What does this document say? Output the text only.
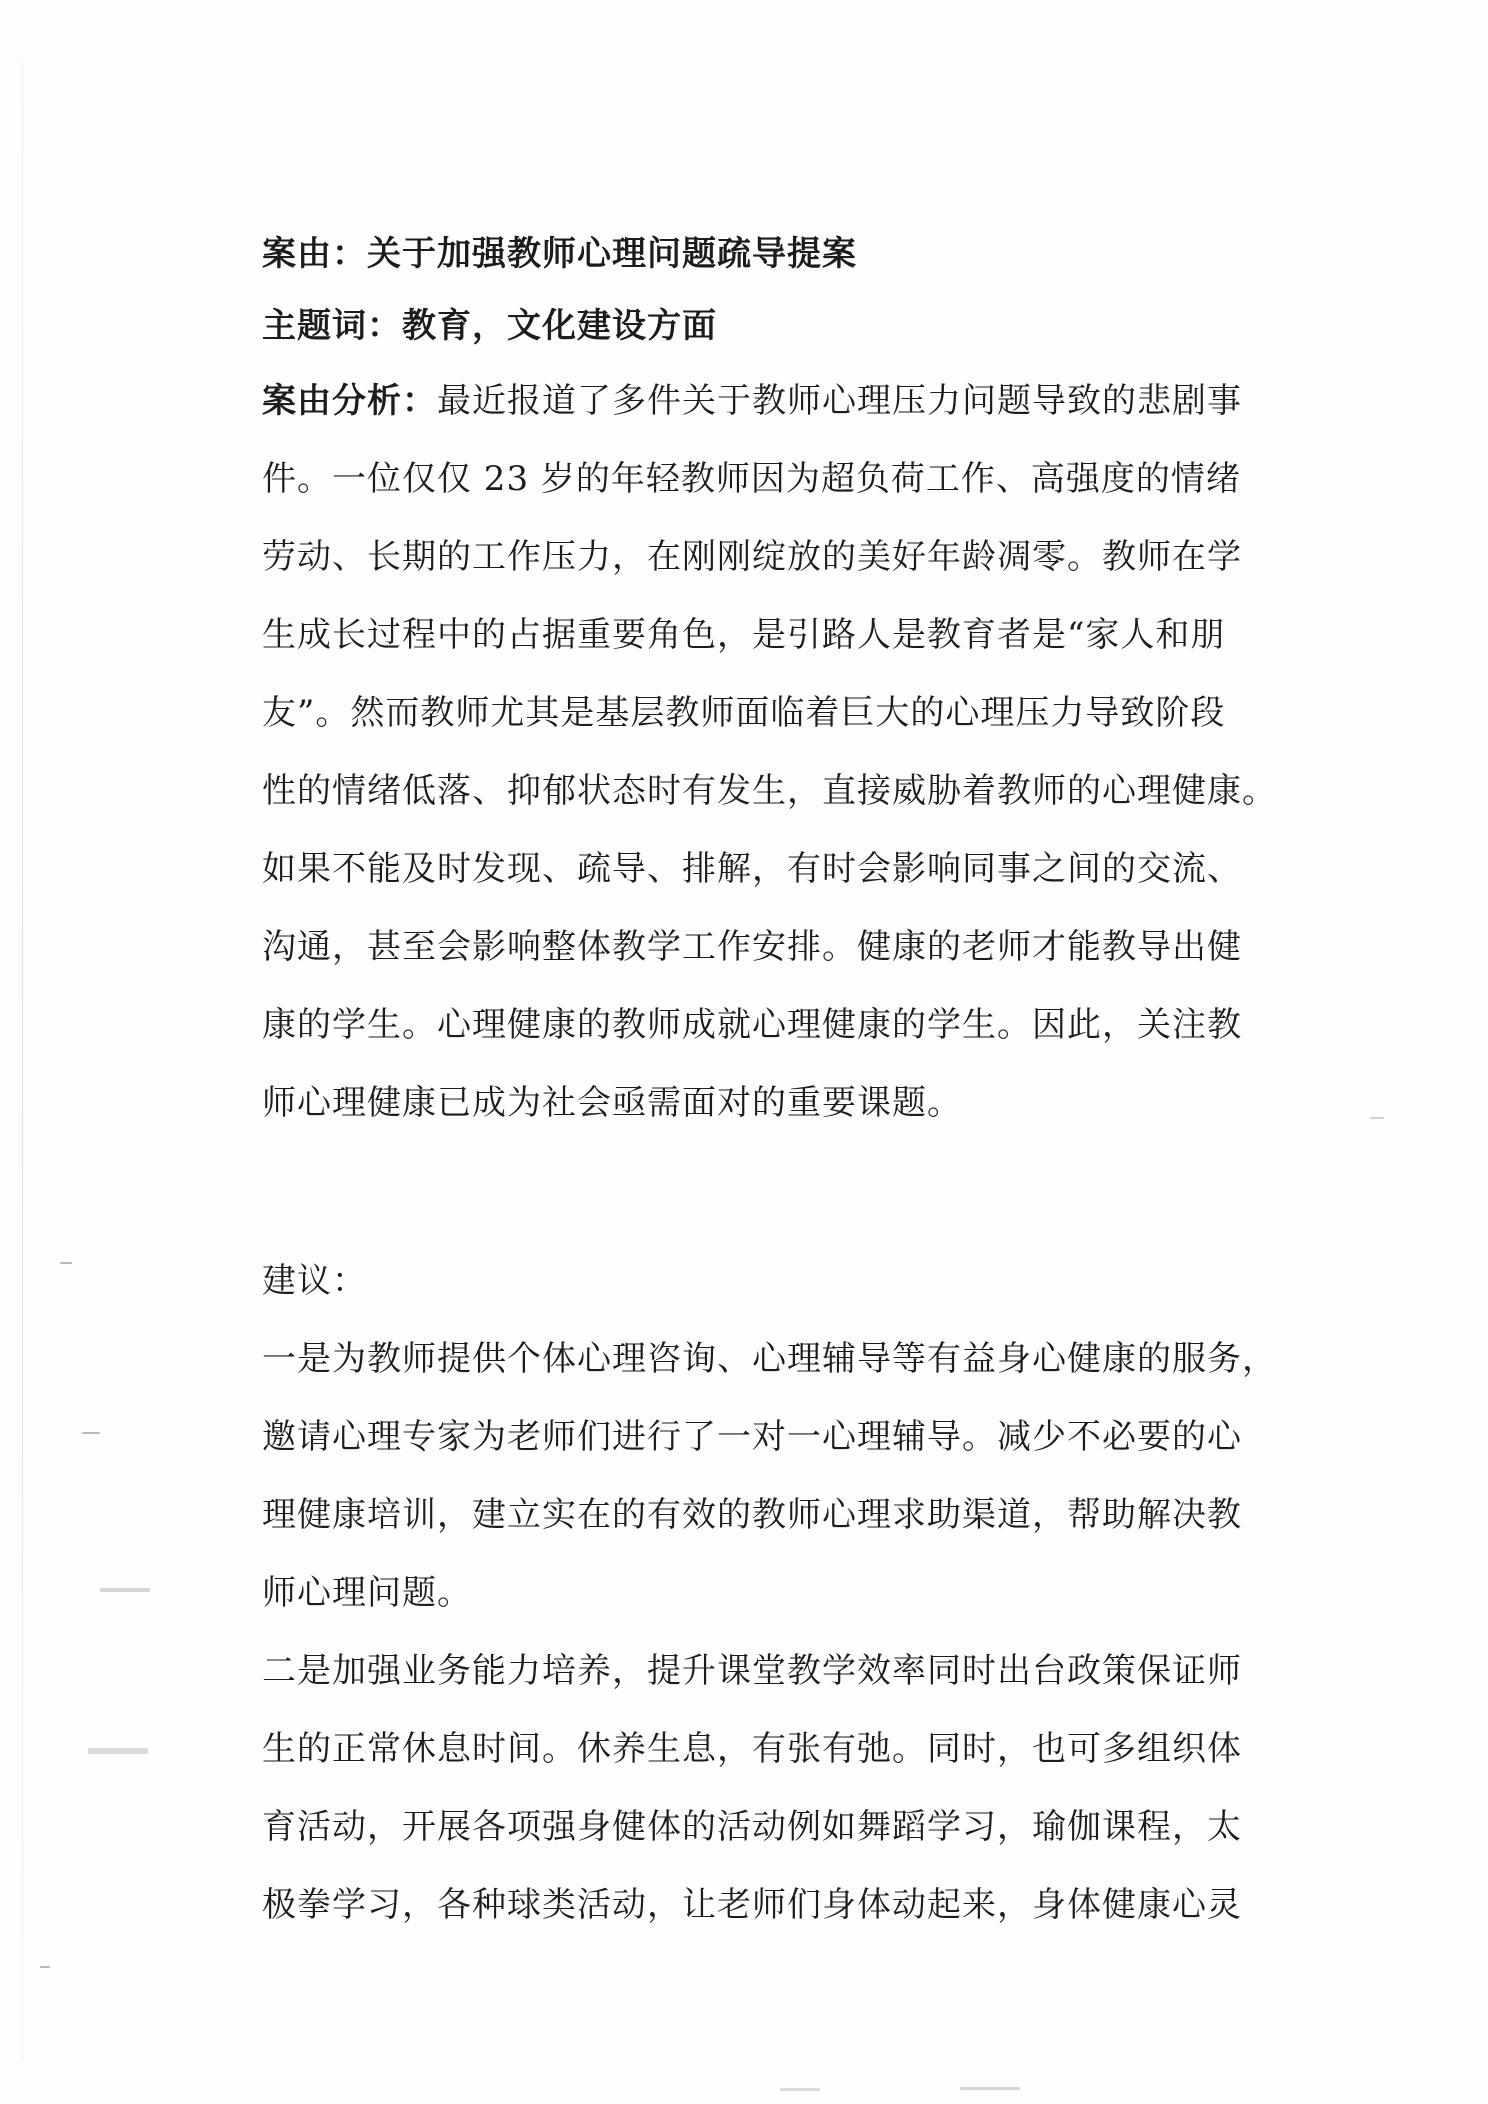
案由：关于加强教师心理问题疏导提案
主题词：教育，文化建设方面
案由分析：最近报道了多件关于教师心理压力问题导致的悲剧事
件。一位仅仅 23 岁的年轻教师因为超负荷工作、高强度的情绪
劳动、长期的工作压力，在刚刚绽放的美好年龄凋零。教师在学
生成长过程中的占据重要角色，是引路人是教育者是“家人和朋
友”。然而教师尤其是基层教师面临着巨大的心理压力导致阶段
性的情绪低落、抑郁状态时有发生，直接威胁着教师的心理健康。
如果不能及时发现、疏导、排解，有时会影响同事之间的交流、
沟通，甚至会影响整体教学工作安排。健康的老师才能教导出健
康的学生。心理健康的教师成就心理健康的学生。因此，关注教
师心理健康已成为社会亟需面对的重要课题。
建议：
一是为教师提供个体心理咨询、心理辅导等有益身心健康的服务，
邀请心理专家为老师们进行了一对一心理辅导。减少不必要的心
理健康培训，建立实在的有效的教师心理求助渠道，帮助解决教
师心理问题。
二是加强业务能力培养，提升课堂教学效率同时出台政策保证师
生的正常休息时间。休养生息，有张有弛。同时，也可多组织体
育活动，开展各项强身健体的活动例如舞蹈学习，瑜伽课程，太
极拳学习，各种球类活动，让老师们身体动起来，身体健康心灵
